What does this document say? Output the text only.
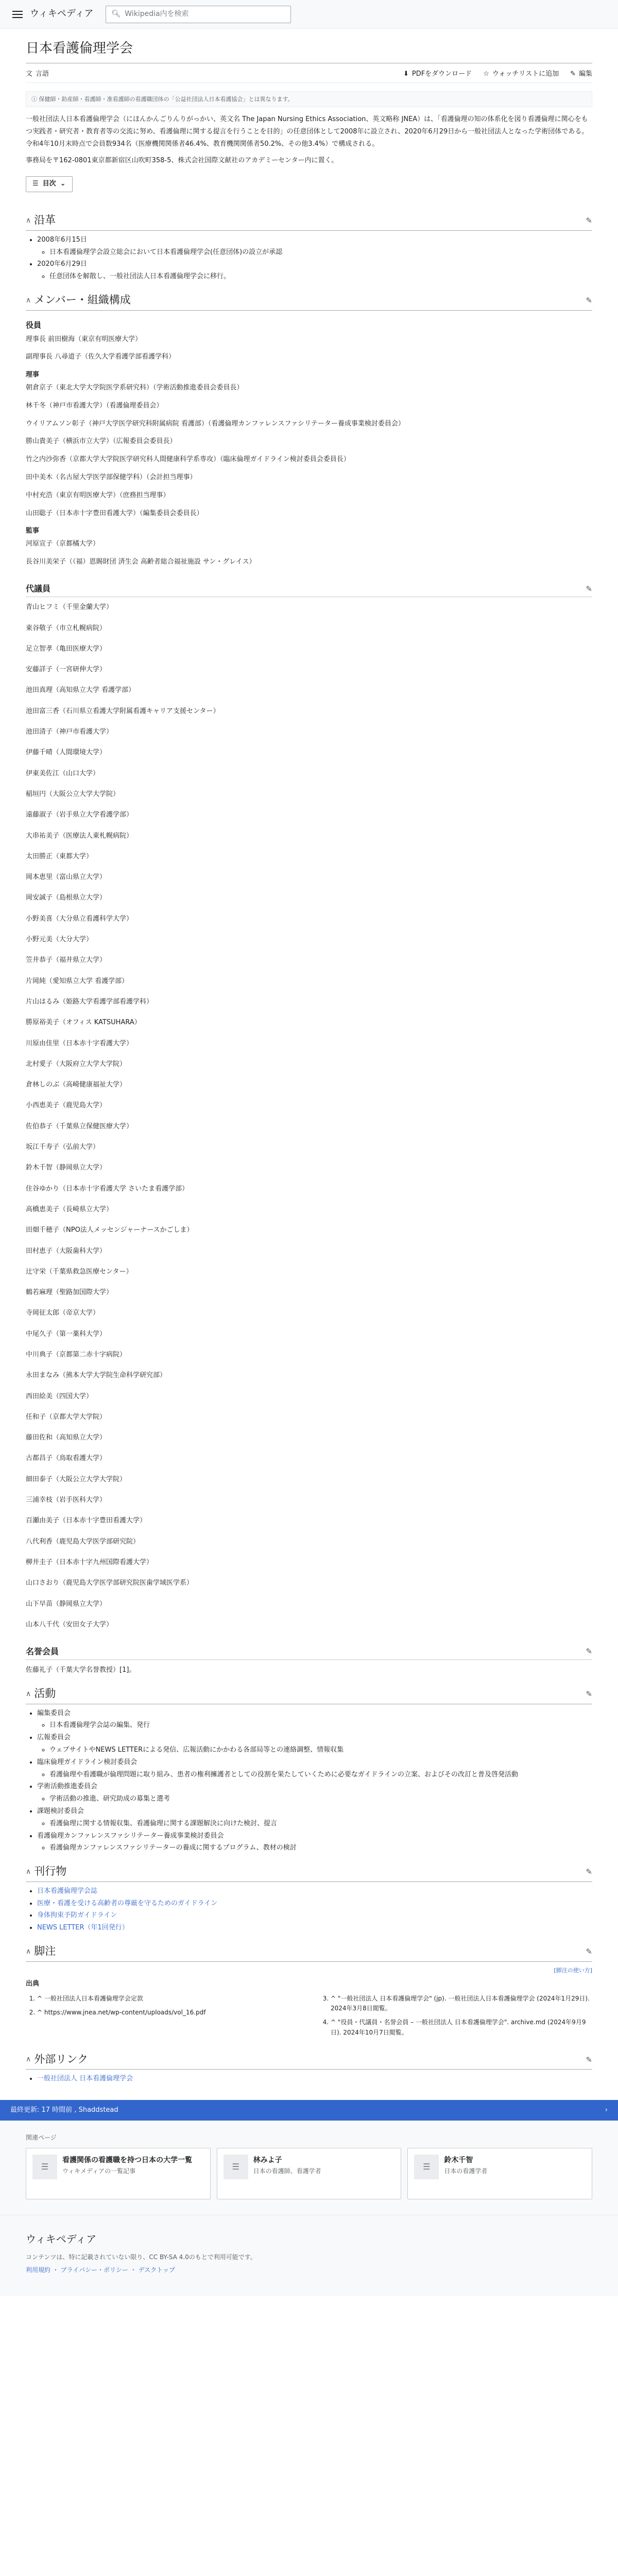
ウィキペディア	🔍︎ Wikipedia内を検索
日本看護倫理学会
文 言語	⬇ PDFをダウンロード ☆ ウォッチリストに追加 ✎ 編集
ⓘ 保健師・助産師・看護師・准看護師の看護職団体の「公益社団法人日本看護協会」とは異なります。

一般社団法人日本看護倫理学会（にほんかんごりんりがっかい、英文名 The Japan Nursing Ethics Association、英文略称 JNEA）は、「看護倫理の知の体系化を図り看護倫理に関心をもつ実践者・研究者・教育者等の交流に努め、看護倫理に関する提言を行うことを目的」の任意団体として2008年に設立され、2020年6月29日から一般社団法人となった学術団体である。令和4年10月末時点で会員数934名（医療機関関係者46.4%、教育機関関係者50.2%、その他3.4%）で構成される。

事務局を〒162-0801東京都新宿区山吹町358-5、株式会社国際文献社のアカデミーセンター内に置く。

☰ 目次 ⌄
∧ 沿革	✎
• 2008年6月15日
◦ 日本看護倫理学会設立総会において日本看護倫理学会(任意団体)の設立が承認
• 2020年6月29日
◦ 任意団体を解散し、一般社団法人日本看護倫理学会に移行。
∧ メンバー・組織構成	✎
役員
理事長 前田樹海（東京有明医療大学）
副理事長 八尋道子（佐久大学看護学部看護学科）
理事
朝倉京子（東北大学大学院医学系研究科）（学術活動推進委員会委員長）
林千冬（神戸市看護大学）（看護倫理委員会）
ウイリアムソン彰子（神戸大学医学研究科附属病院 看護部）（看護倫理カンファレンスファシリテーター養成事業検討委員会）
勝山貴美子（横浜市立大学）（広報委員会委員長）
竹之内沙弥香（京都大学大学院医学研究科人間健康科学系専攻）（臨床倫理ガイドライン検討委員会委員長）
田中美木（名古屋大学医学部保健学科）（会計担当理事）
中村充浩（東京有明医療大学）（庶務担当理事）
山田聡子（日本赤十字豊田看護大学）（編集委員会委員長）
監事
河原宣子（京都橘大学）
長谷川美栄子（（福）恩賜財団 済生会 高齢者総合福祉施設 サン・グレイス）
代議員	✎
青山ヒフミ（千里金蘭大学）
東谷敬子（市立札幌病院）
足立智孝（亀田医療大学）
安藤詳子（一宮研伸大学）
池田真理（高知県立大学 看護学部）
池田富三香（石川県立看護大学附属看護キャリア支援センター）
池田清子（神戸市看護大学）
伊藤千晴（人間環境大学）
伊東美佐江（山口大学）
稲垣円（大阪公立大学大学院）
遠藤淑子（岩手県立大学看護学部）
大串祐美子（医療法人東札幌病院）
太田勝正（東都大学）
岡本恵里（富山県立大学）
岡安誠子（島根県立大学）
小野美喜（大分県立看護科学大学）
小野元美（大分大学）
笠井恭子（福井県立大学）
片岡純（愛知県立大学 看護学部）
片山はるみ（姫路大学看護学部看護学科）
勝原裕美子（オフィス KATSUHARA）
川原由佳里（日本赤十字看護大学）
北村愛子（大阪府立大学大学院）
倉林しのぶ（高崎健康福祉大学）
小西恵美子（鹿児島大学）
佐伯恭子（千葉県立保健医療大学）
坂江千寿子（弘前大学）
鈴木千智（静岡県立大学）
住谷ゆかり（日本赤十字看護大学 さいたま看護学部）
高橋恵美子（長崎県立大学）
田畑千穂子（NPO法人メッセンジャーナースかごしま）
田村恵子（大阪歯科大学）
辻守栄（千葉県救急医療センター）
鶴若麻理（聖路加国際大学）
寺岡征太郎（帝京大学）
中尾久子（第一薬科大学）
中川典子（京都第二赤十字病院）
永田まなみ（熊本大学大学院生命科学研究部）
西田絵美（四国大学）
任和子（京都大学大学院）
藤田佐和（高知県立大学）
古都昌子（鳥取看護大学）
細田泰子（大阪公立大学大学院）
三浦幸枝（岩手医科大学）
百瀬由美子（日本赤十字豊田看護大学）
八代利香（鹿児島大学医学部研究院）
柳井圭子（日本赤十字九州国際看護大学）
山口さおり（鹿児島大学医学部研究院医歯学域医学系）
山下早苗（静岡県立大学）
山本八千代（安田女子大学）
名誉会員	✎
佐藤礼子（千葉大学名誉教授）[1]。
∧ 活動	✎
• 編集委員会
◦ 日本看護倫理学会誌の編集、発行
• 広報委員会
◦ ウェブサイトやNEWS LETTERによる発信、広報活動にかかわる各部局等との連絡調整、情報収集
• 臨床倫理ガイドライン検討委員会
◦ 看護倫理や看護職が倫理問題に取り組み、患者の権利擁護者としての役割を果たしていくために必要なガイドラインの立案、およびその改訂と普及啓発活動
• 学術活動推進委員会
◦ 学術活動の推進、研究助成の募集と選考
• 課題検討委員会
◦ 看護倫理に関する情報収集、看護倫理に関する課題解決に向けた検討、提言
• 看護倫理カンファレンスファシリテーター養成事業検討委員会
◦ 看護倫理カンファレンスファシリテーターの養成に関するプログラム、教材の検討
∧ 刊行物	✎
• 日本看護倫理学会誌
• 医療・看護を受ける高齢者の尊厳を守るためのガイドライン
• 身体拘束予防ガイドライン
• NEWS LETTER（年1回発行）
∧ 脚注	✎
[脚注の使い方]
出典
1. ^ 一般社団法人日本看護倫理学会定款
2. ^ https://www.jnea.net/wp-content/uploads/vol_16.pdf
3. ^ "一般社団法人 日本看護倫理学会" (jp). 一般社団法人日本看護倫理学会 (2024年1月29日). 2024年3月8日閲覧。
4. ^ "役員・代議員・名誉会員 – 一般社団法人 日本看護倫理学会". archive.md (2024年9月9日). 2024年10月7日閲覧。
∧ 外部リンク	✎
• 一般社団法人 日本看護倫理学会
最終更新: 17 時間前 , Shaddstead	›
関連ページ
☰
看護関係の看護職を持つ日本の大学一覧
ウィキメディアの一覧記事	☰
林みよ子
日本の看護師、看護学者	☰
鈴木千智
日本の看護学者
ウィキペディア
コンテンツは、特に記載されていない限り、CC BY-SA 4.0のもとで利用可能です。
利用規約 ・ プライバシー・ポリシー ・ デスクトップ
